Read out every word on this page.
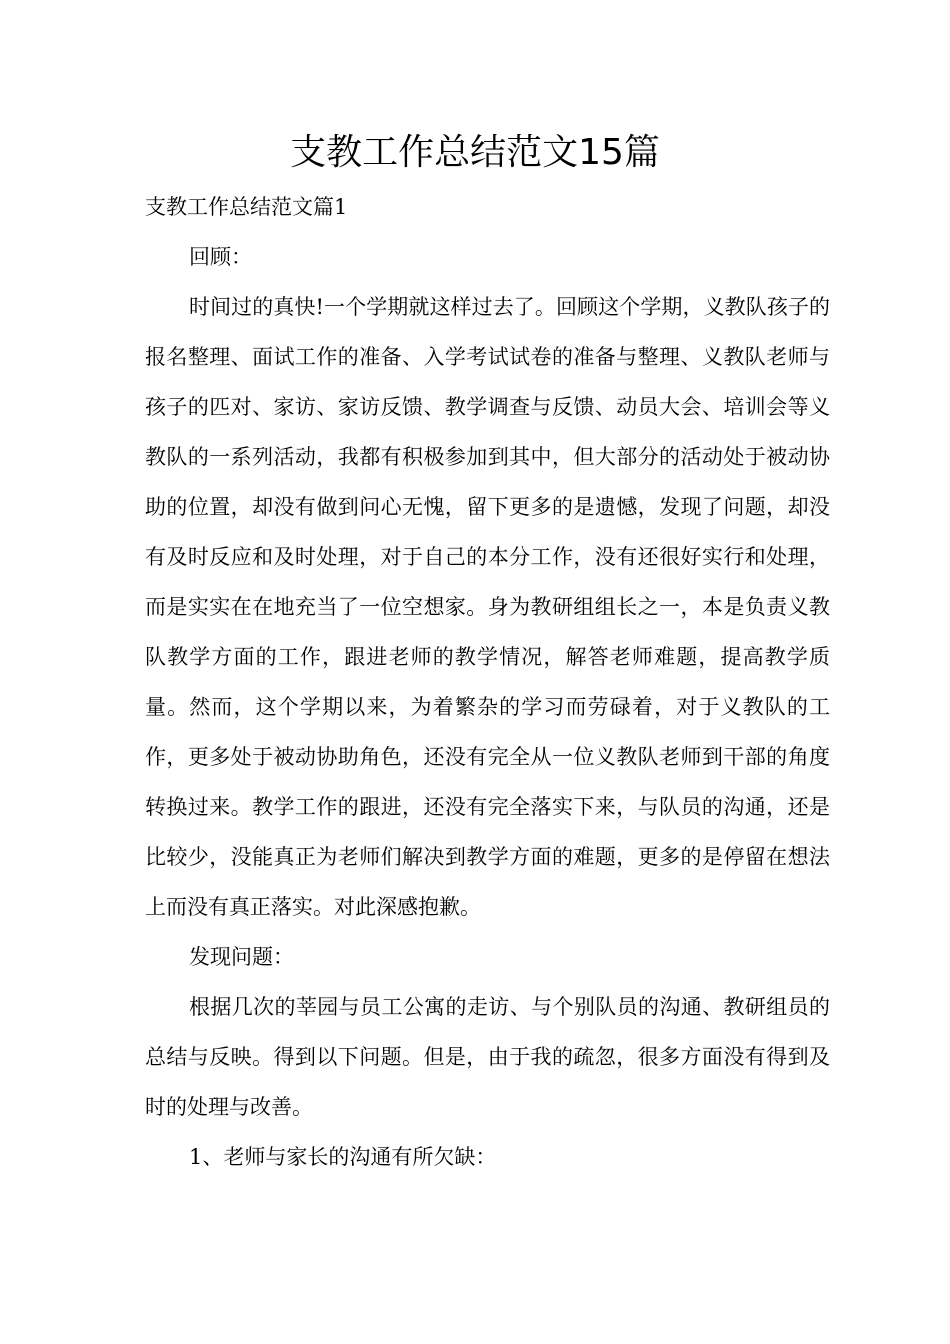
支教工作总结范文15篇

支教工作总结范文篇1

回顾：

时间过的真快!一个学期就这样过去了。回顾这个学期，义教队孩子的报名整理、面试工作的准备、入学考试试卷的准备与整理、义教队老师与孩子的匹对、家访、家访反馈、教学调查与反馈、动员大会、培训会等义教队的一系列活动，我都有积极参加到其中，但大部分的活动处于被动协助的位置，却没有做到问心无愧，留下更多的是遗憾，发现了问题，却没有及时反应和及时处理，对于自己的本分工作，没有还很好实行和处理，而是实实在在地充当了一位空想家。身为教研组组长之一，本是负责义教队教学方面的工作，跟进老师的教学情况，解答老师难题，提高教学质量。然而，这个学期以来，为着繁杂的学习而劳碌着，对于义教队的工作，更多处于被动协助角色，还没有完全从一位义教队老师到干部的角度转换过来。教学工作的跟进，还没有完全落实下来，与队员的沟通，还是比较少，没能真正为老师们解决到教学方面的难题，更多的是停留在想法上而没有真正落实。对此深感抱歉。

发现问题：

根据几次的莘园与员工公寓的走访、与个别队员的沟通、教研组员的总结与反映。得到以下问题。但是，由于我的疏忽，很多方面没有得到及时的处理与改善。

1、老师与家长的沟通有所欠缺：
